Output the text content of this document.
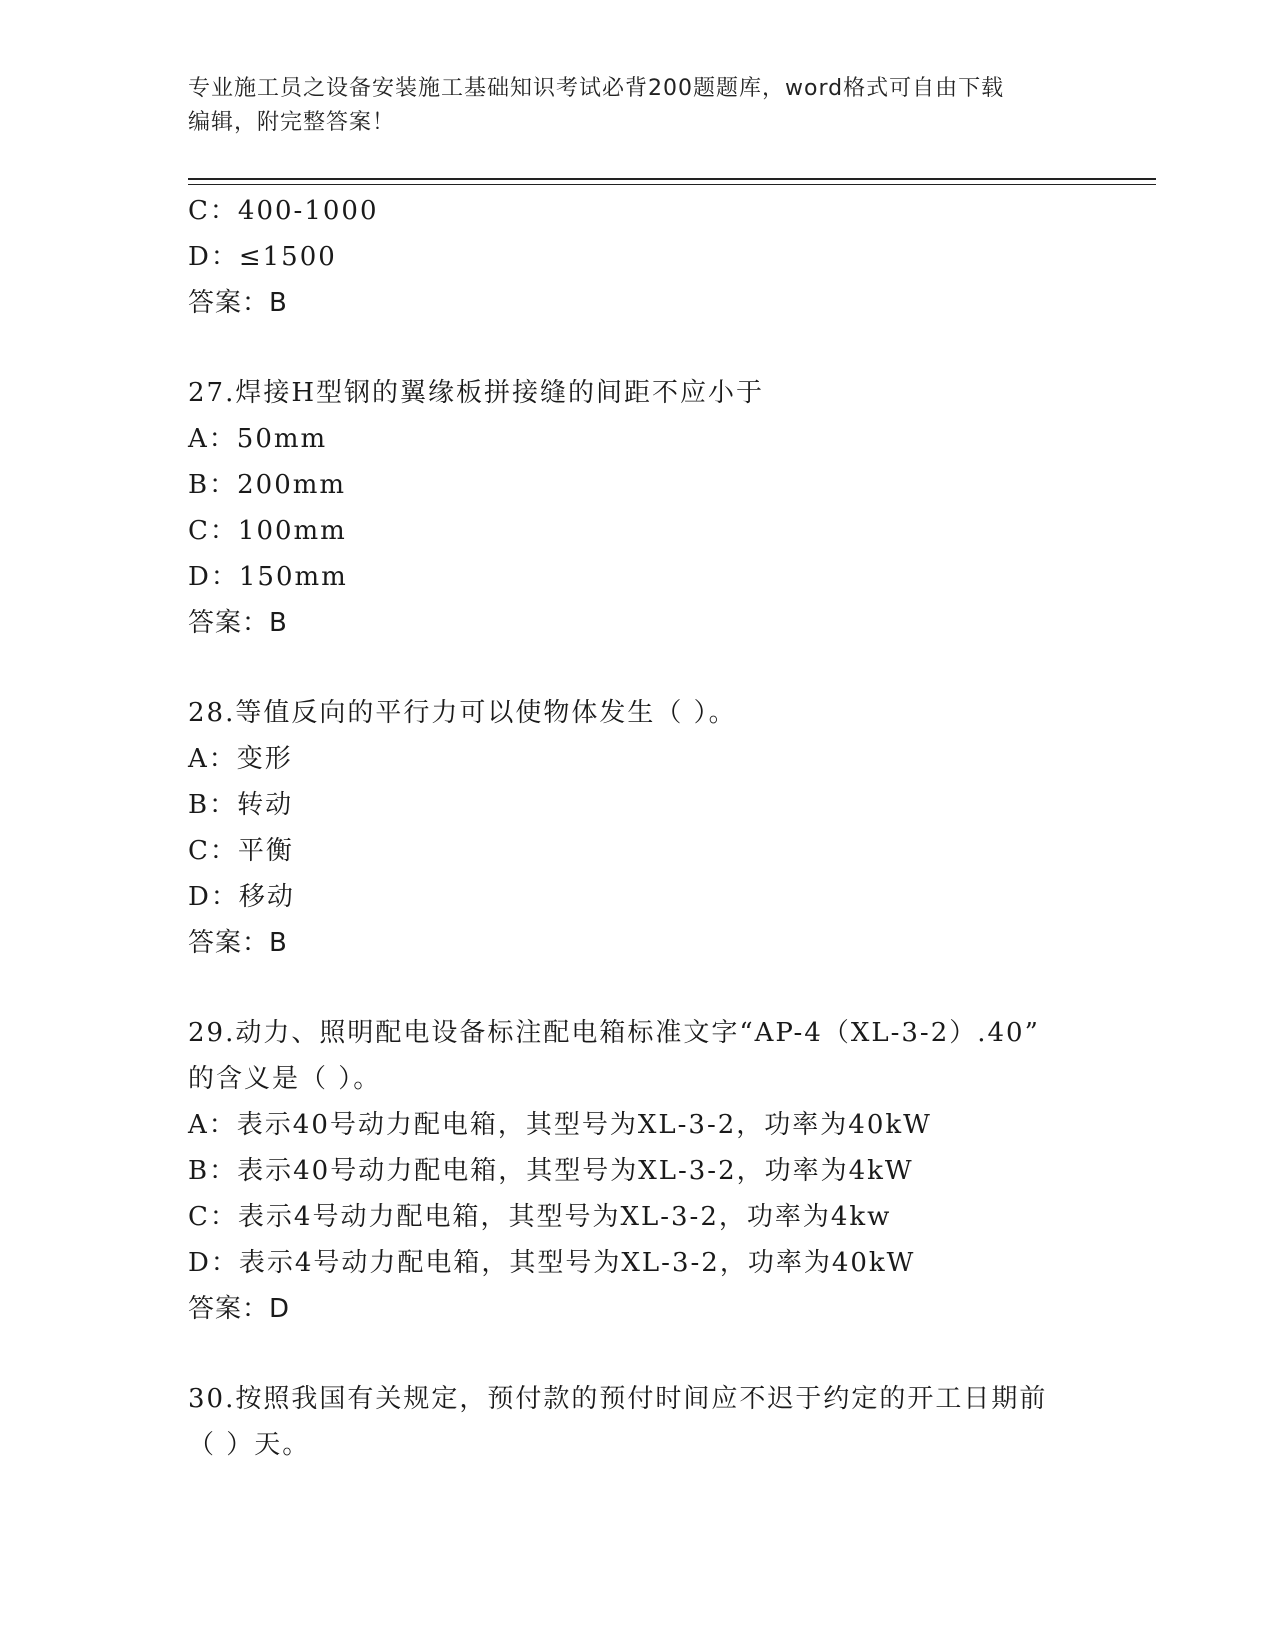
专业施工员之设备安装施工基础知识考试必背200题题库，word格式可自由下载
编辑，附完整答案！
C：400-1000
D：≤1500
答案：B
27.焊接H型钢的翼缘板拼接缝的间距不应小于
A：50mm
B：200mm
C：100mm
D：150mm
答案：B
28.等值反向的平行力可以使物体发生（ ）。
A：变形
B：转动
C：平衡
D：移动
答案：B
29.动力、照明配电设备标注配电箱标准文字“AP-4（XL-3-2）.40”
的含义是（ ）。
A：表示40号动力配电箱，其型号为XL-3-2，功率为40kW
B：表示40号动力配电箱，其型号为XL-3-2，功率为4kW
C：表示4号动力配电箱，其型号为XL-3-2，功率为4kw
D：表示4号动力配电箱，其型号为XL-3-2，功率为40kW
答案：D
30.按照我国有关规定，预付款的预付时间应不迟于约定的开工日期前
（ ）天。
